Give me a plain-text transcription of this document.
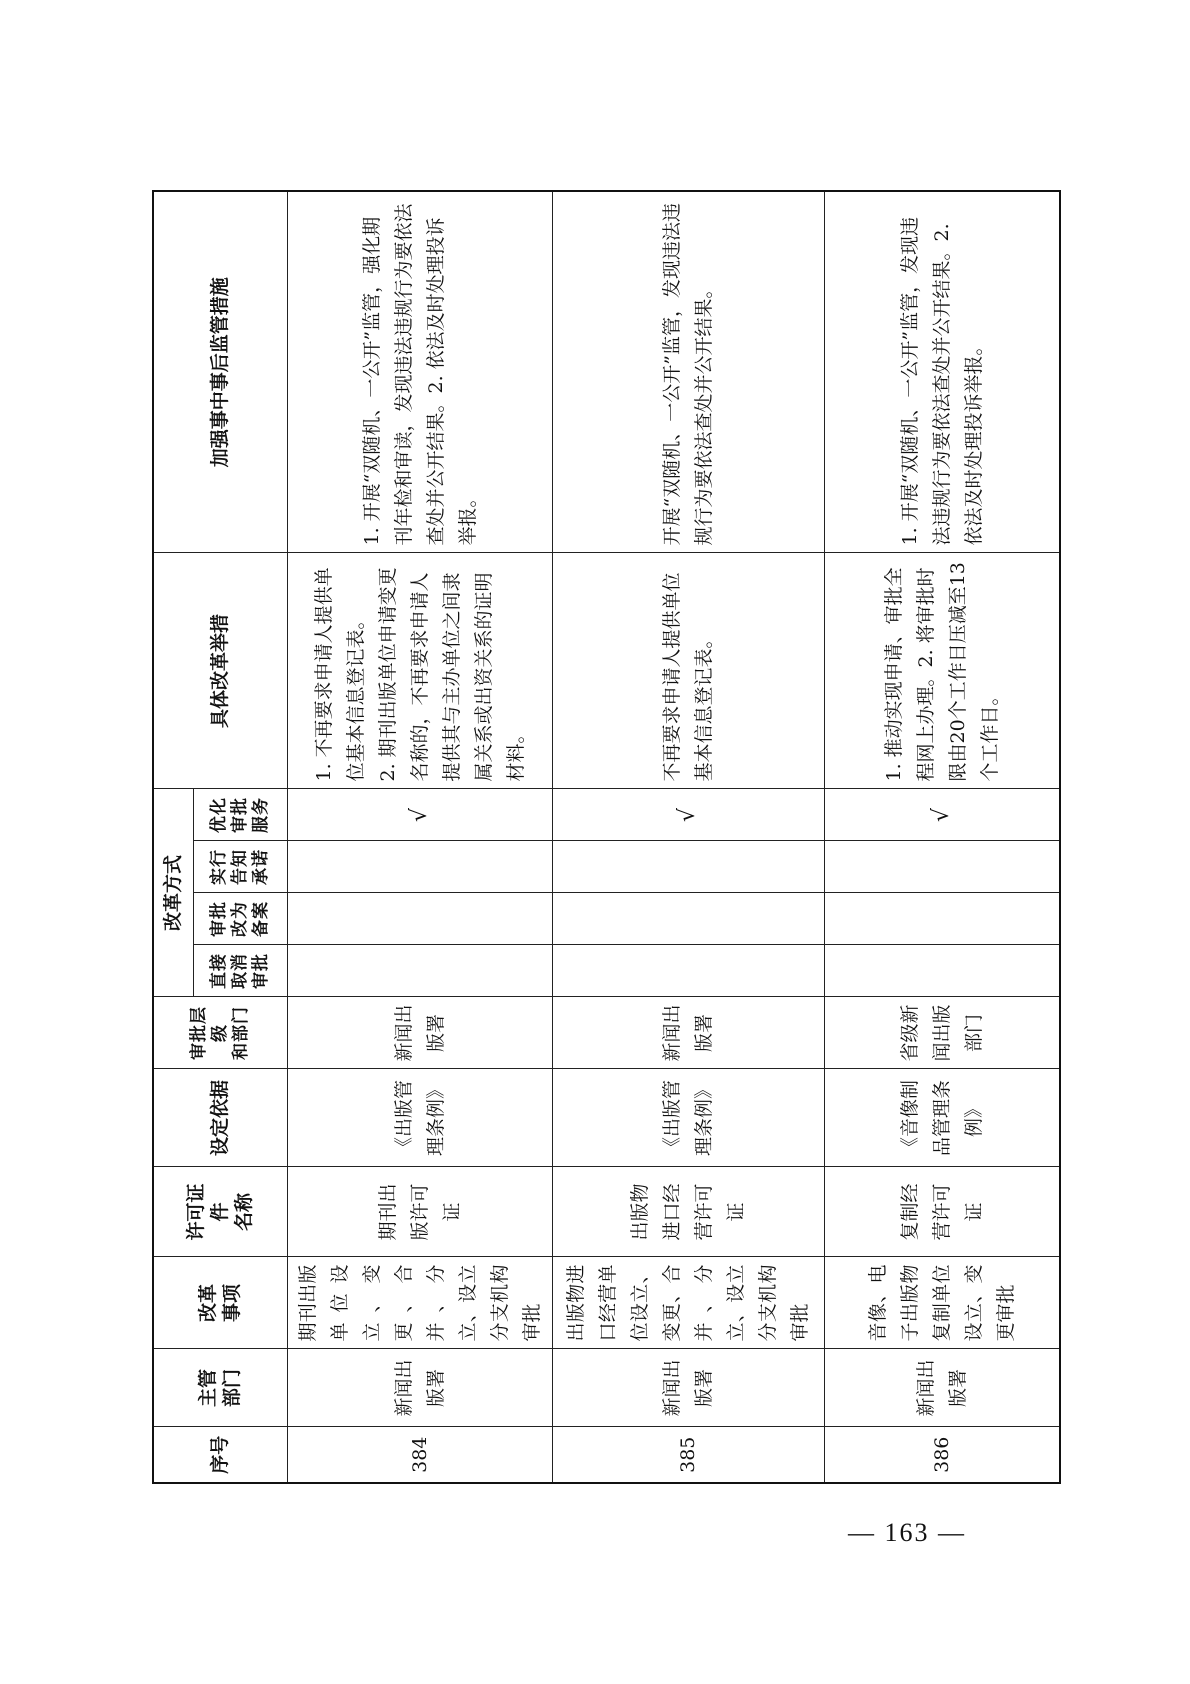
序号	主管 部门	改革 事项	许可证件 名称	设定依据	审批层级 和部门	改革方式				具体改革举措	加强事中事后监管措施
						直接取消审批	审批改为备案	实行告知承诺	优化审批服务		
384	新闻出版署	期刊出版单位设立、变更、合并、分立、设立分支机构审批	期刊出版许可证	《出版管理条例》	新闻出版署				√	1. 不再要求申请人提供单位基本信息登记表。 2. 期刊出版单位申请变更名称的，不再要求申请人提供其与主办单位之间隶属关系或出资关系的证明材料。	1. 开展“双随机、一公开”监管，强化期刊年检和审读，发现违法违规行为要依法查处并公开结果。2. 依法及时处理投诉举报。
385	新闻出版署	出版物进口经营单位设立、变更、合并、分立、设立分支机构审批	出版物进口经营许可证	《出版管理条例》	新闻出版署				√	不再要求申请人提供单位基本信息登记表。	开展“双随机、一公开”监管，发现违法违规行为要依法查处并公开结果。
386	新闻出版署	音像、电子出版物复制单位设立、变更审批	复制经营许可证	《音像制品管理条例》	省级新闻出版部门				√	1. 推动实现申请、审批全程网上办理。2. 将审批时限由20个工作日压减至13个工作日。	1. 开展“双随机、一公开”监管，发现违法违规行为要依法查处并公开结果。2. 依法及时处理投诉举报。
— 163 —
